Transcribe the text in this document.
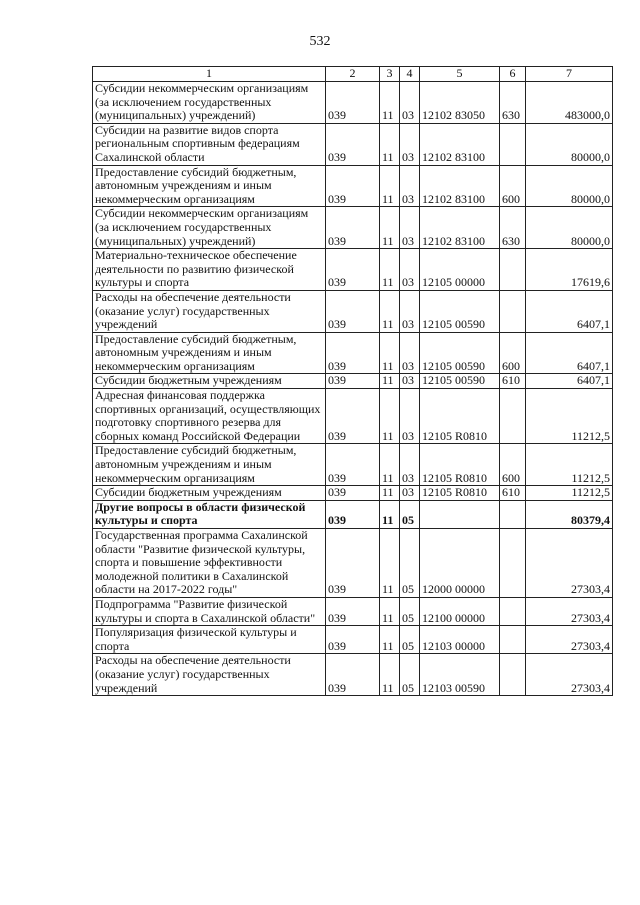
532
1	2	3	4	5	6	7
Субсидии некоммерческим организациям (за исключением государственных (муниципальных) учреждений)	039	11	03	12102 83050	630	483000,0
Субсидии на развитие видов спорта региональным спортивным федерациям Сахалинской области	039	11	03	12102 83100		80000,0
Предоставление субсидий бюджетным, автономным учреждениям и иным некоммерческим организациям	039	11	03	12102 83100	600	80000,0
Субсидии некоммерческим организациям (за исключением государственных (муниципальных) учреждений)	039	11	03	12102 83100	630	80000,0
Материально-техническое обеспечение деятельности по развитию физической культуры и спорта	039	11	03	12105 00000		17619,6
Расходы на обеспечение деятельности (оказание услуг) государственных учреждений	039	11	03	12105 00590		6407,1
Предоставление субсидий бюджетным, автономным учреждениям и иным некоммерческим организациям	039	11	03	12105 00590	600	6407,1
Субсидии бюджетным учреждениям	039	11	03	12105 00590	610	6407,1
Адресная финансовая поддержка спортивных организаций, осуществляющих подготовку спортивного резерва для сборных команд Российской Федерации	039	11	03	12105 R0810		11212,5
Предоставление субсидий бюджетным, автономным учреждениям и иным некоммерческим организациям	039	11	03	12105 R0810	600	11212,5
Субсидии бюджетным учреждениям	039	11	03	12105 R0810	610	11212,5
Другие вопросы в области физической культуры и спорта	039	11	05			80379,4
Государственная программа Сахалинской области "Развитие физической культуры, спорта и повышение эффективности молодежной политики в Сахалинской области на 2017-2022 годы"	039	11	05	12000 00000		27303,4
Подпрограмма "Развитие физической культуры и спорта в Сахалинской области"	039	11	05	12100 00000		27303,4
Популяризация физической культуры и спорта	039	11	05	12103 00000		27303,4
Расходы на обеспечение деятельности (оказание услуг) государственных учреждений	039	11	05	12103 00590		27303,4
